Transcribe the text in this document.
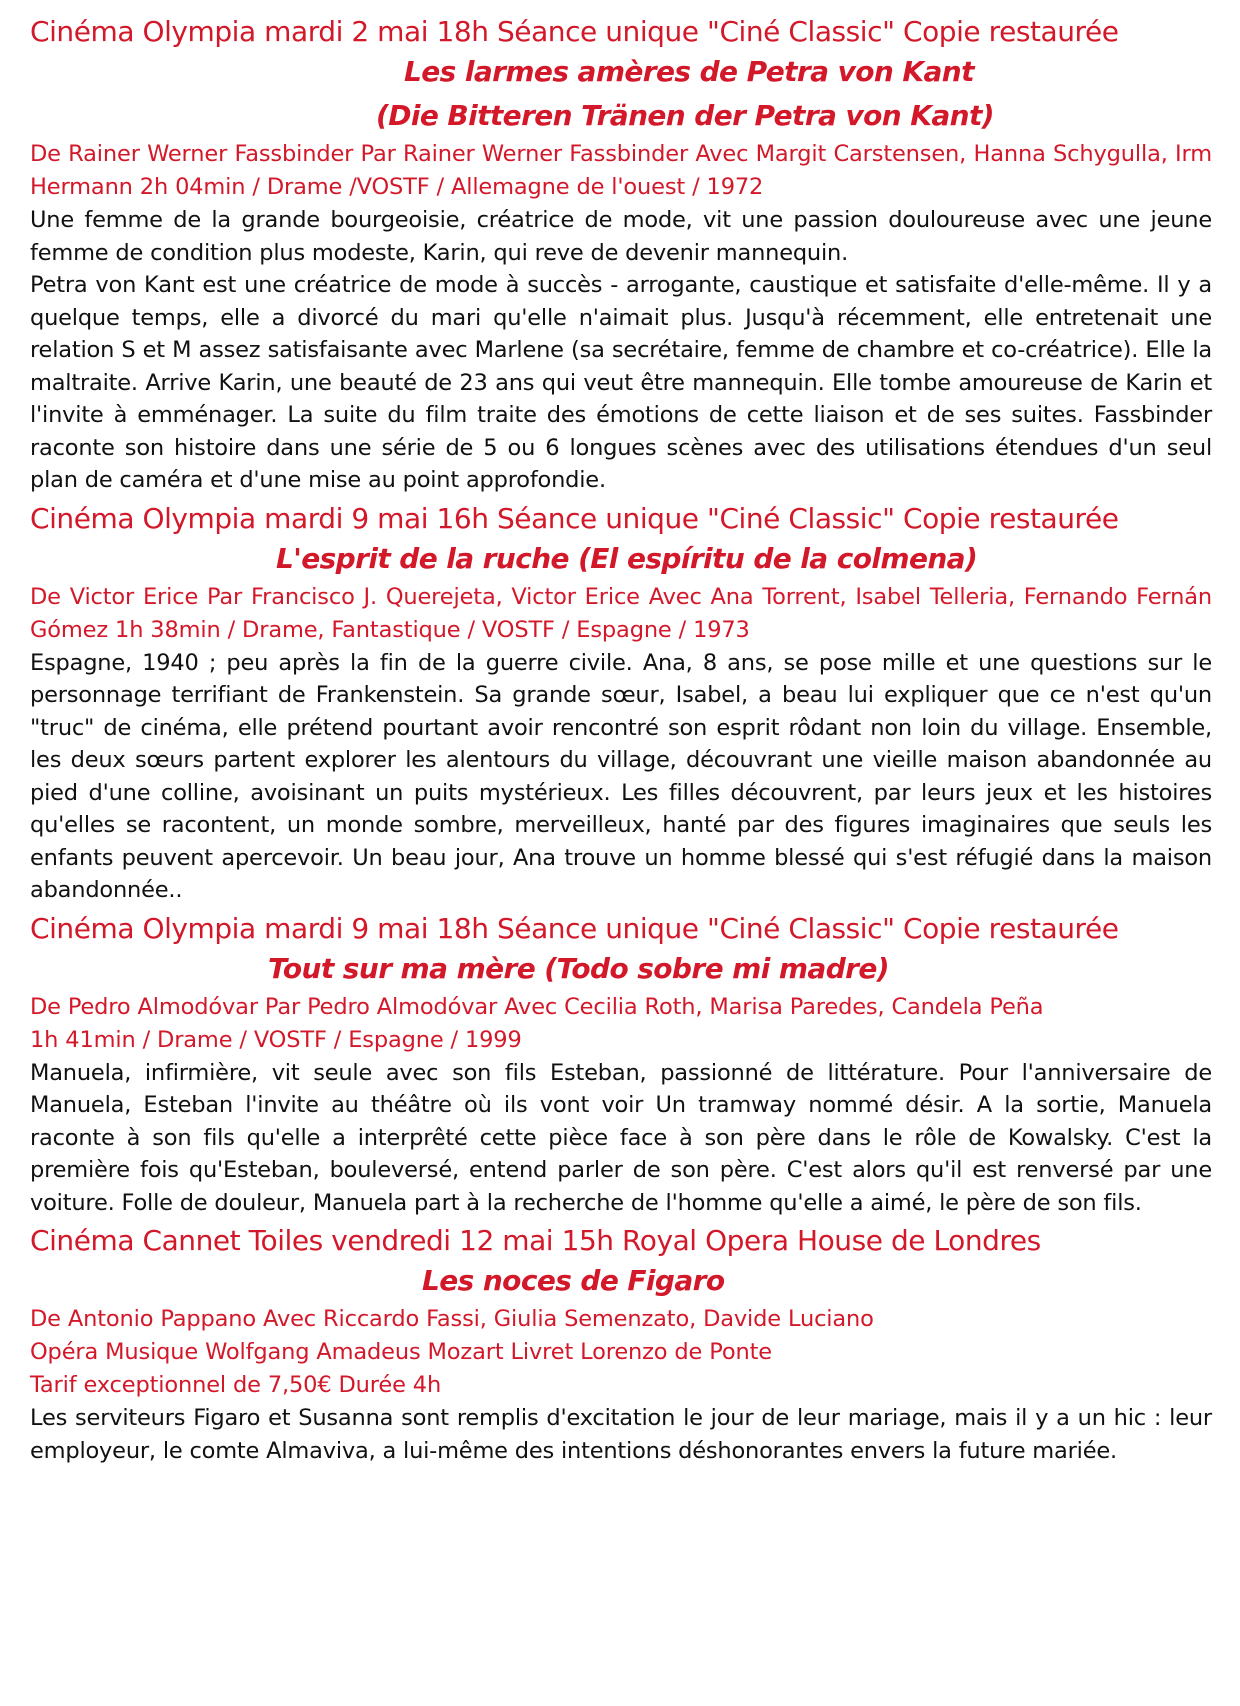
Cinéma Olympia mardi 2 mai 18h Séance unique "Ciné Classic" Copie restaurée
Les larmes amères de Petra von Kant
(Die Bitteren Tränen der Petra von Kant)
De Rainer Werner Fassbinder Par Rainer Werner Fassbinder Avec Margit Carstensen, Hanna Schygulla, Irm Hermann 2h 04min / Drame /VOSTF / Allemagne de l'ouest / 1972

Une femme de la grande bourgeoisie, créatrice de mode, vit une passion douloureuse avec une jeune femme de condition plus modeste, Karin, qui reve de devenir mannequin.

Petra von Kant est une créatrice de mode à succès - arrogante, caustique et satisfaite d'elle-même. Il y a quelque temps, elle a divorcé du mari qu'elle n'aimait plus. Jusqu'à récemment, elle entretenait une relation S et M assez satisfaisante avec Marlene (sa secrétaire, femme de chambre et co-créatrice). Elle la maltraite. Arrive Karin, une beauté de 23 ans qui veut être mannequin. Elle tombe amoureuse de Karin et l'invite à emménager. La suite du film traite des émotions de cette liaison et de ses suites. Fassbinder raconte son histoire dans une série de 5 ou 6 longues scènes avec des utilisations étendues d'un seul plan de caméra et d'une mise au point approfondie.

Cinéma Olympia mardi 9 mai 16h Séance unique "Ciné Classic" Copie restaurée
L'esprit de la ruche (El espíritu de la colmena)
De Victor Erice Par Francisco J. Querejeta, Victor Erice Avec Ana Torrent, Isabel Telleria, Fernando Fernán Gómez 1h 38min / Drame, Fantastique / VOSTF / Espagne / 1973

Espagne, 1940 ; peu après la fin de la guerre civile. Ana, 8 ans, se pose mille et une questions sur le personnage terrifiant de Frankenstein. Sa grande sœur, Isabel, a beau lui expliquer que ce n'est qu'un "truc" de cinéma, elle prétend pourtant avoir rencontré son esprit rôdant non loin du village. Ensemble, les deux sœurs partent explorer les alentours du village, découvrant une vieille maison abandonnée au pied d'une colline, avoisinant un puits mystérieux. Les filles découvrent, par leurs jeux et les histoires qu'elles se racontent, un monde sombre, merveilleux, hanté par des figures imaginaires que seuls les enfants peuvent apercevoir. Un beau jour, Ana trouve un homme blessé qui s'est réfugié dans la maison abandonnée..

Cinéma Olympia mardi 9 mai 18h Séance unique "Ciné Classic" Copie restaurée
Tout sur ma mère (Todo sobre mi madre)
De Pedro Almodóvar Par Pedro Almodóvar Avec Cecilia Roth, Marisa Paredes, Candela Peña
1h 41min / Drame / VOSTF / Espagne / 1999

Manuela, infirmière, vit seule avec son fils Esteban, passionné de littérature. Pour l'anniversaire de Manuela, Esteban l'invite au théâtre où ils vont voir Un tramway nommé désir. A la sortie, Manuela raconte à son fils qu'elle a interprêté cette pièce face à son père dans le rôle de Kowalsky. C'est la première fois qu'Esteban, bouleversé, entend parler de son père. C'est alors qu'il est renversé par une voiture. Folle de douleur, Manuela part à la recherche de l'homme qu'elle a aimé, le père de son fils.

Cinéma Cannet Toiles vendredi 12 mai 15h Royal Opera House de Londres
Les noces de Figaro
De Antonio Pappano Avec Riccardo Fassi, Giulia Semenzato, Davide Luciano
Opéra Musique Wolfgang Amadeus Mozart Livret Lorenzo de Ponte
Tarif exceptionnel de 7,50€ Durée 4h

Les serviteurs Figaro et Susanna sont remplis d'excitation le jour de leur mariage, mais il y a un hic : leur employeur, le comte Almaviva, a lui-même des intentions déshonorantes envers la future mariée.
